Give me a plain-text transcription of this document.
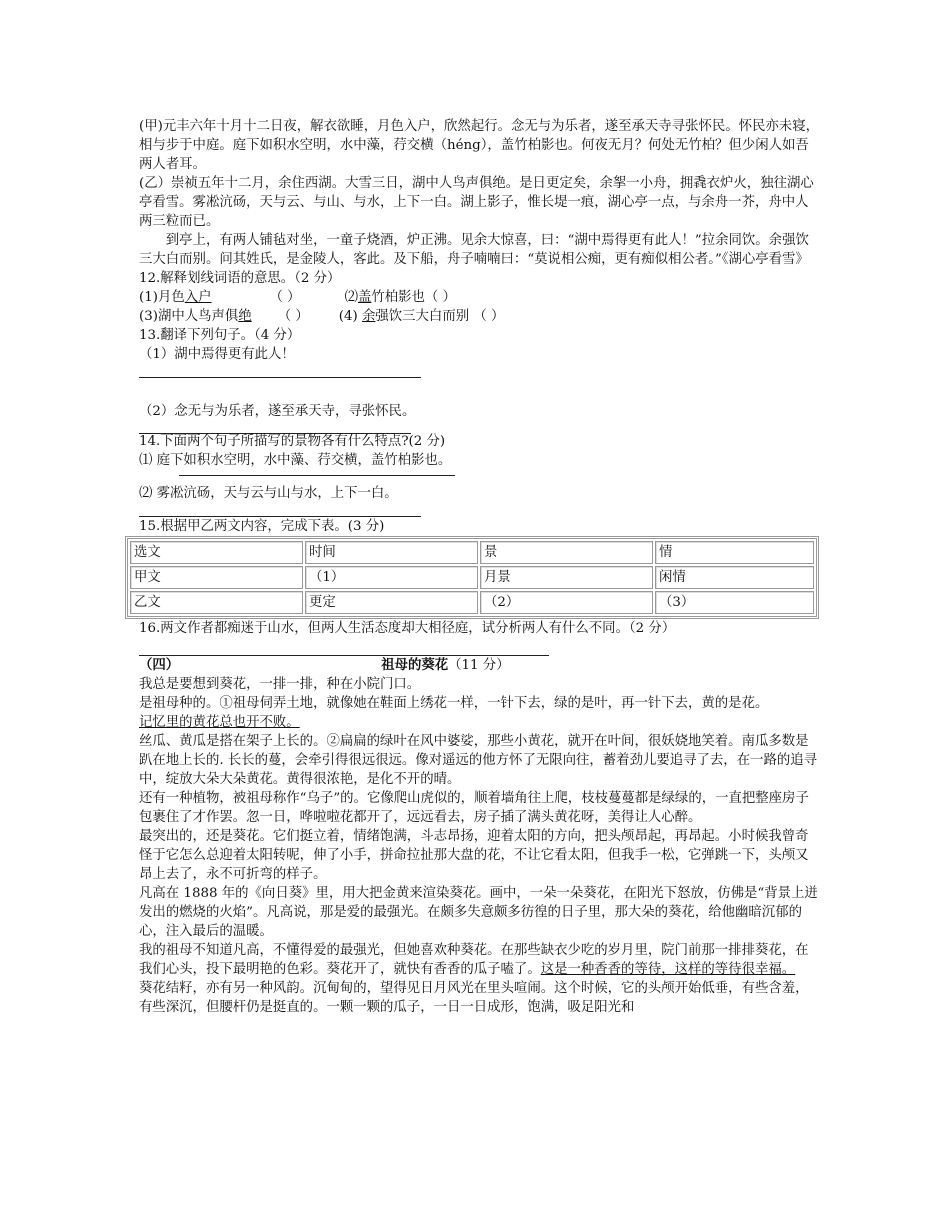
(甲)元丰六年十月十二日夜，解衣欲睡，月色入户，欣然起行。念无与为乐者，遂至承天寺寻张怀民。怀民亦未寝，相与步于中庭。庭下如积水空明，水中藻，荇交横（héng），盖竹柏影也。何夜无月？何处无竹柏？但少闲人如吾两人者耳。

(乙）崇祯五年十二月，余住西湖。大雪三日，湖中人鸟声俱绝。是日更定矣，余挐一小舟，拥毳衣炉火，独往湖心亭看雪。雾凇沆砀，天与云、与山、与水，上下一白。湖上影子，惟长堤一痕，湖心亭一点，与余舟一芥，舟中人两三粒而已。

到亭上，有两人铺毡对坐，一童子烧酒，炉正沸。见余大惊喜，曰：“湖中焉得更有此人！”拉余同饮。余强饮三大白而别。问其姓氏，是金陵人，客此。及下船，舟子喃喃曰：“莫说相公痴，更有痴似相公者。”《湖心亭看雪》

12.解释划线词语的意思。（2 分）

(1)月色入户	（ ）	⑵盖竹柏影也（ ）

(3)湖中人鸟声俱绝 （ ） (4) 余强饮三大白而别 （ ）

13.翻译下列句子。（4 分）

（1）湖中焉得更有此人！

（2）念无与为乐者，遂至承天寺，寻张怀民。

14.下面两个句子所描写的景物各有什么特点?(2 分)

⑴ 庭下如积水空明，水中藻、荇交横，盖竹柏影也。

⑵ 雾凇沆砀，天与云与山与水，上下一白。

15.根据甲乙两文内容，完成下表。(3 分)

选文	时间	景	情
甲文	（1）	月景	闲情
乙文	更定	（2）	（3）

16.两文作者都痴迷于山水，但两人生活态度却大相径庭，试分析两人有什么不同。（2 分）

（四）	祖母的葵花（11 分）

我总是要想到葵花，一排一排，种在小院门口。

是祖母种的。①祖母伺弄土地，就像她在鞋面上绣花一样，一针下去，绿的是叶，再一针下去，黄的是花。

记忆里的黄花总也开不败。

丝瓜、黄瓜是搭在架子上长的。②扁扁的绿叶在风中婆娑，那些小黄花，就开在叶间，很妖娆地笑着。南瓜多数是趴在地上长的. 长长的蔓，会牵引得很远很远。像对遥远的他方怀了无限向往，蓄着劲儿要追寻了去，在一路的追寻中，绽放大朵大朵黄花。黄得很浓艳，是化不开的晴。

还有一种植物，被祖母称作“乌子”的。它像爬山虎似的，顺着墙角往上爬，枝枝蔓蔓都是绿绿的，一直把整座房子包裹住了才作罢。忽一日，哗啦啦花都开了，远远看去，房子插了满头黄花呀，美得让人心醉。

最突出的，还是葵花。它们挺立着，情绪饱满，斗志昂扬，迎着太阳的方向，把头颅昂起，再昂起。小时候我曾奇怪于它怎么总迎着太阳转呢，伸了小手，拼命拉扯那大盘的花，不让它看太阳，但我手一松，它弹跳一下，头颅又昂上去了，永不可折弯的样子。

凡高在 1888 年的《向日葵》里，用大把金黄来渲染葵花。画中，一朵一朵葵花，在阳光下怒放，仿佛是“背景上迸发出的燃烧的火焰”。凡高说，那是爱的最强光。在颇多失意颇多彷徨的日子里，那大朵的葵花，给他幽暗沉郁的心，注入最后的温暖。

我的祖母不知道凡高，不懂得爱的最强光，但她喜欢种葵花。在那些缺衣少吃的岁月里，院门前那一排排葵花，在我们心头，投下最明艳的色彩。葵花开了，就快有香香的瓜子嗑了。这是一种香香的等待，这样的等待很幸福。

葵花结籽，亦有另一种风韵。沉甸甸的，望得见日月风光在里头喧闹。这个时候，它的头颅开始低垂，有些含羞，有些深沉，但腰杆仍是挺直的。一颗一颗的瓜子，一日一日成形，饱满，吸足阳光和
